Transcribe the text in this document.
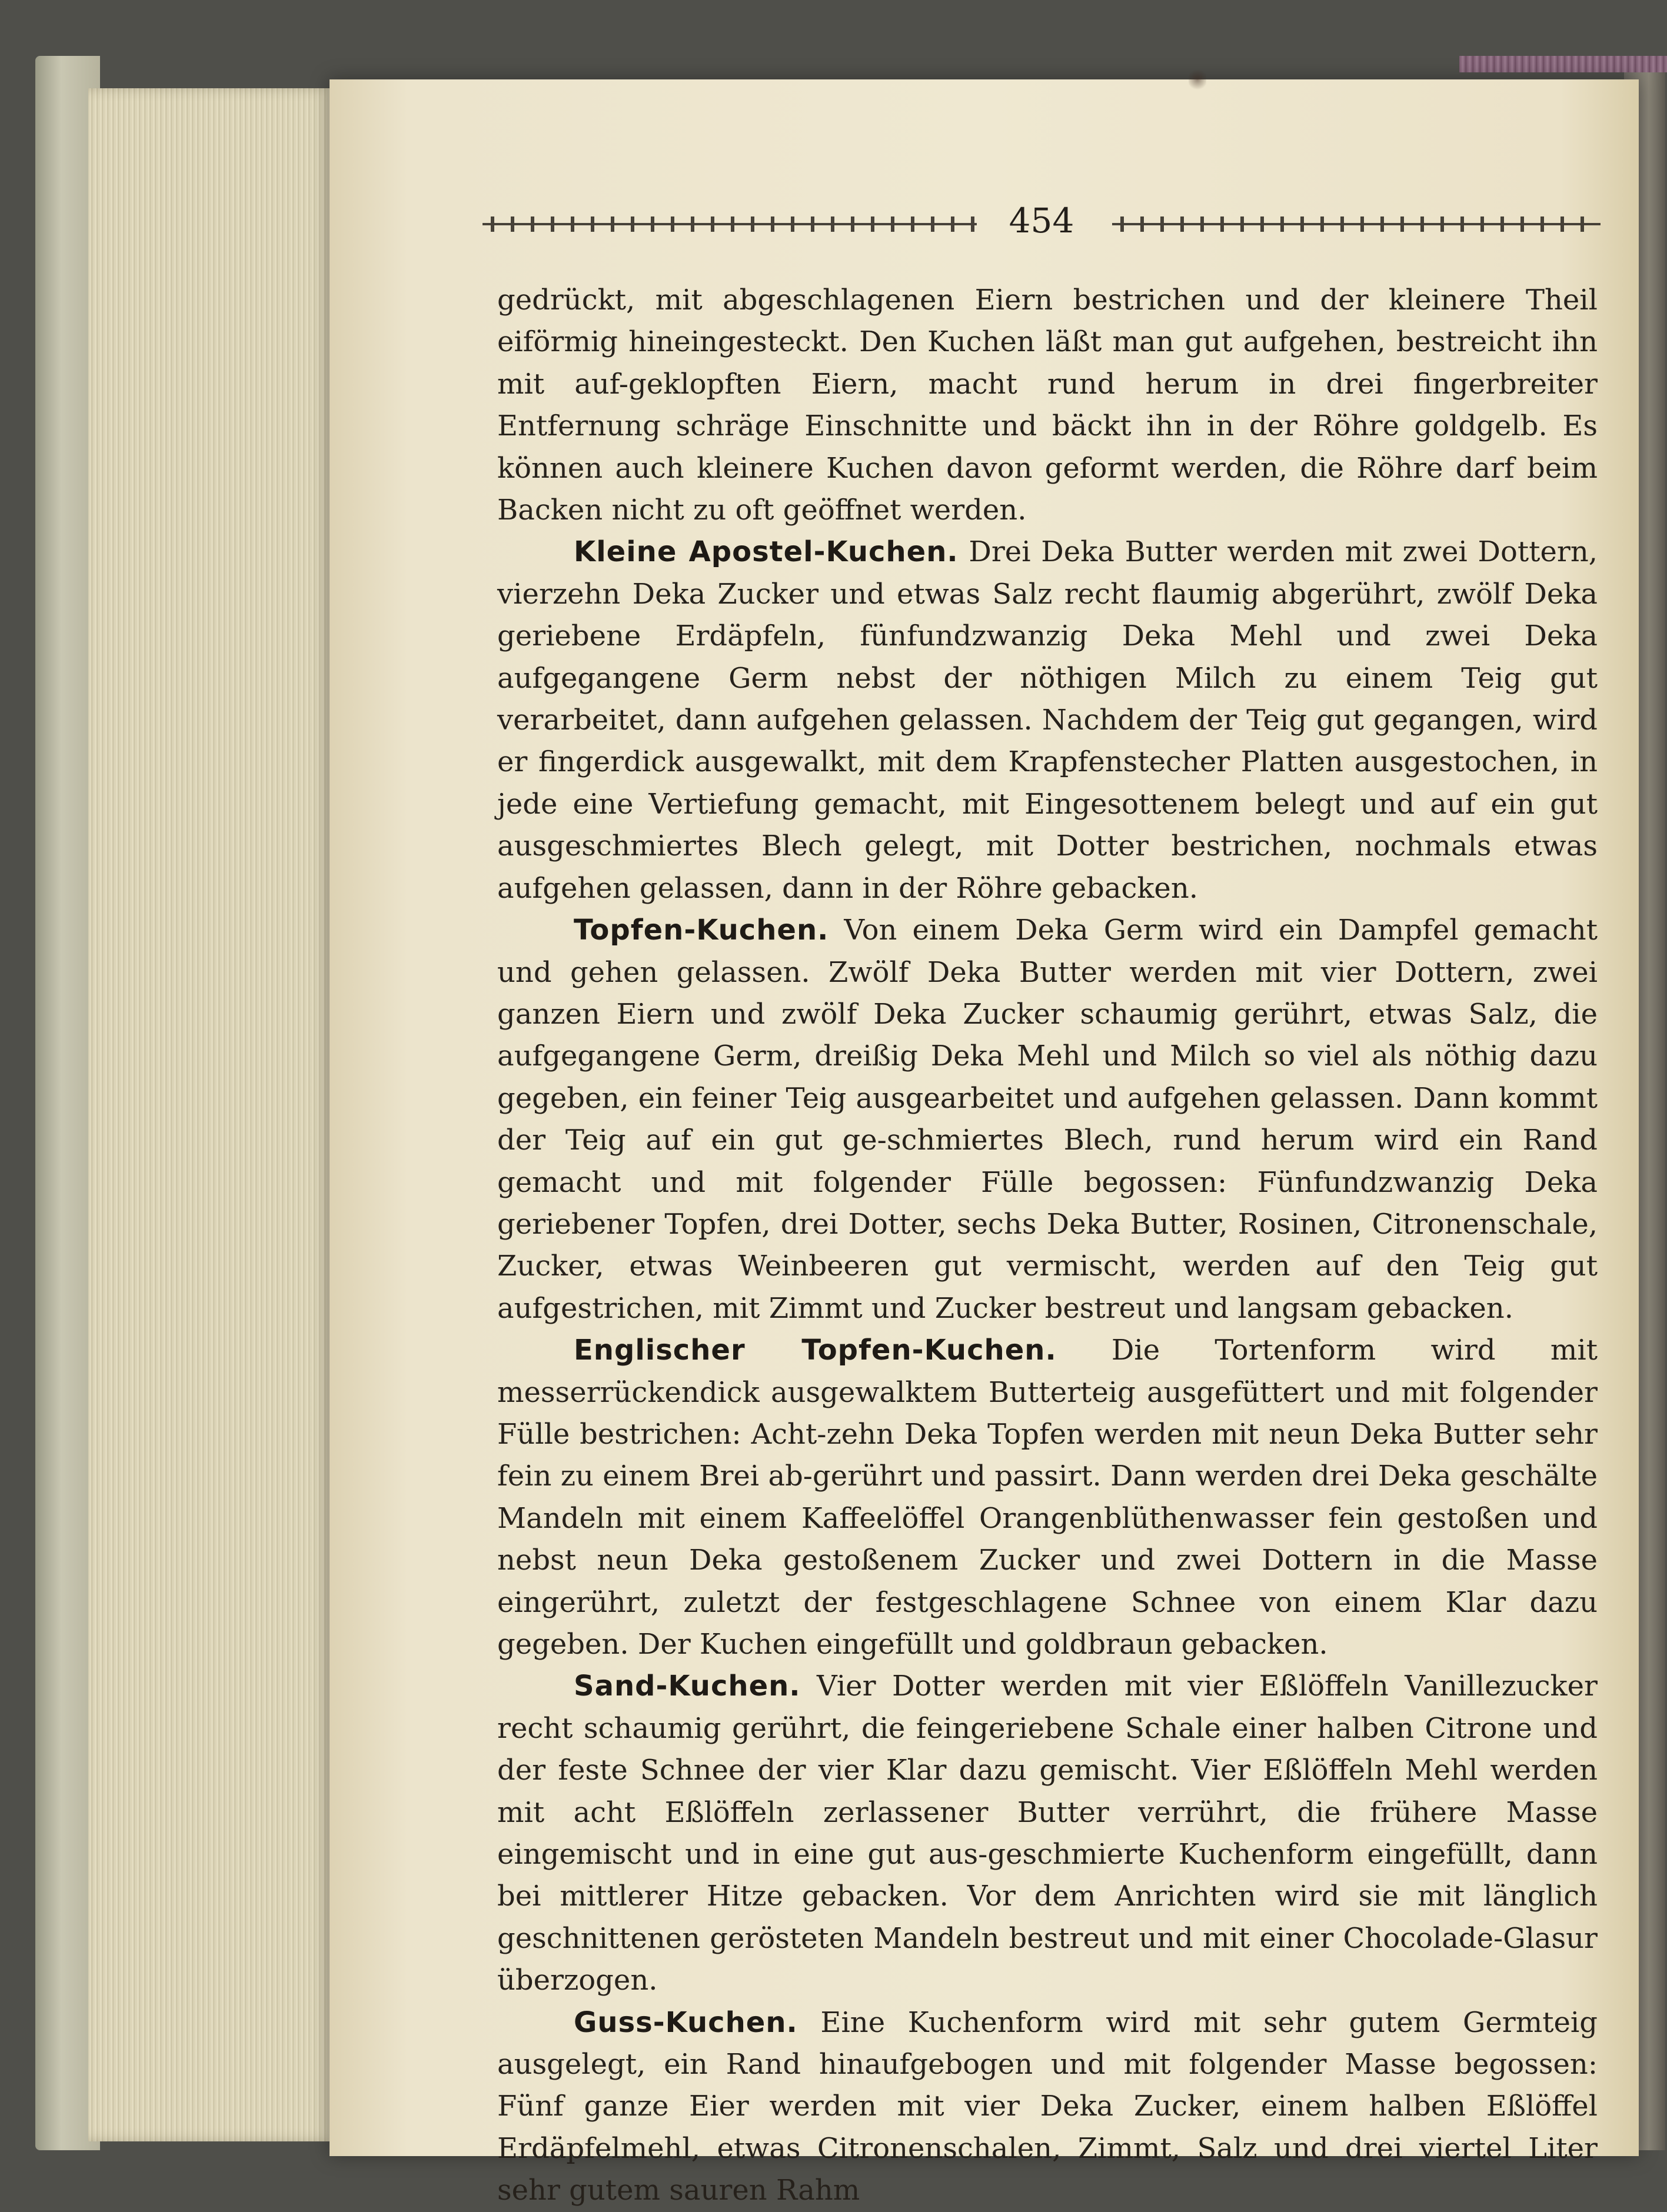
454

gedrückt, mit abgeschlagenen Eiern bestrichen und der kleinere Theil eiförmig hineingesteckt. Den Kuchen läßt man gut aufgehen, bestreicht ihn mit auf-geklopften Eiern, macht rund herum in drei fingerbreiter Entfernung schräge Einschnitte und bäckt ihn in der Röhre goldgelb. Es können auch kleinere Kuchen davon geformt werden, die Röhre darf beim Backen nicht zu oft geöffnet werden.

Kleine Apostel-Kuchen. Drei Deka Butter werden mit zwei Dottern, vierzehn Deka Zucker und etwas Salz recht flaumig abgerührt, zwölf Deka geriebene Erdäpfeln, fünfundzwanzig Deka Mehl und zwei Deka aufgegangene Germ nebst der nöthigen Milch zu einem Teig gut verarbeitet, dann aufgehen gelassen. Nachdem der Teig gut gegangen, wird er fingerdick ausgewalkt, mit dem Krapfenstecher Platten ausgestochen, in jede eine Vertiefung gemacht, mit Eingesottenem belegt und auf ein gut ausgeschmiertes Blech gelegt, mit Dotter bestrichen, nochmals etwas aufgehen gelassen, dann in der Röhre gebacken.

Topfen-Kuchen. Von einem Deka Germ wird ein Dampfel gemacht und gehen gelassen. Zwölf Deka Butter werden mit vier Dottern, zwei ganzen Eiern und zwölf Deka Zucker schaumig gerührt, etwas Salz, die aufgegangene Germ, dreißig Deka Mehl und Milch so viel als nöthig dazu gegeben, ein feiner Teig ausgearbeitet und aufgehen gelassen. Dann kommt der Teig auf ein gut ge-schmiertes Blech, rund herum wird ein Rand gemacht und mit folgender Fülle begossen: Fünfundzwanzig Deka geriebener Topfen, drei Dotter, sechs Deka Butter, Rosinen, Citronenschale, Zucker, etwas Weinbeeren gut vermischt, werden auf den Teig gut aufgestrichen, mit Zimmt und Zucker bestreut und langsam gebacken.

Englischer Topfen-Kuchen. Die Tortenform wird mit messerrückendick ausgewalktem Butterteig ausgefüttert und mit folgender Fülle bestrichen: Acht-zehn Deka Topfen werden mit neun Deka Butter sehr fein zu einem Brei ab-gerührt und passirt. Dann werden drei Deka geschälte Mandeln mit einem Kaffeelöffel Orangenblüthenwasser fein gestoßen und nebst neun Deka gestoßenem Zucker und zwei Dottern in die Masse eingerührt, zuletzt der festgeschlagene Schnee von einem Klar dazu gegeben. Der Kuchen eingefüllt und goldbraun gebacken.

Sand-Kuchen. Vier Dotter werden mit vier Eßlöffeln Vanillezucker recht schaumig gerührt, die feingeriebene Schale einer halben Citrone und der feste Schnee der vier Klar dazu gemischt. Vier Eßlöffeln Mehl werden mit acht Eßlöffeln zerlassener Butter verrührt, die frühere Masse eingemischt und in eine gut aus-geschmierte Kuchenform eingefüllt, dann bei mittlerer Hitze gebacken. Vor dem Anrichten wird sie mit länglich geschnittenen gerösteten Mandeln bestreut und mit einer Chocolade-Glasur überzogen.

Guss-Kuchen. Eine Kuchenform wird mit sehr gutem Germteig ausgelegt, ein Rand hinaufgebogen und mit folgender Masse begossen: Fünf ganze Eier werden mit vier Deka Zucker, einem halben Eßlöffel Erdäpfelmehl, etwas Citronenschalen, Zimmt, Salz und drei viertel Liter sehr gutem sauren Rahm
